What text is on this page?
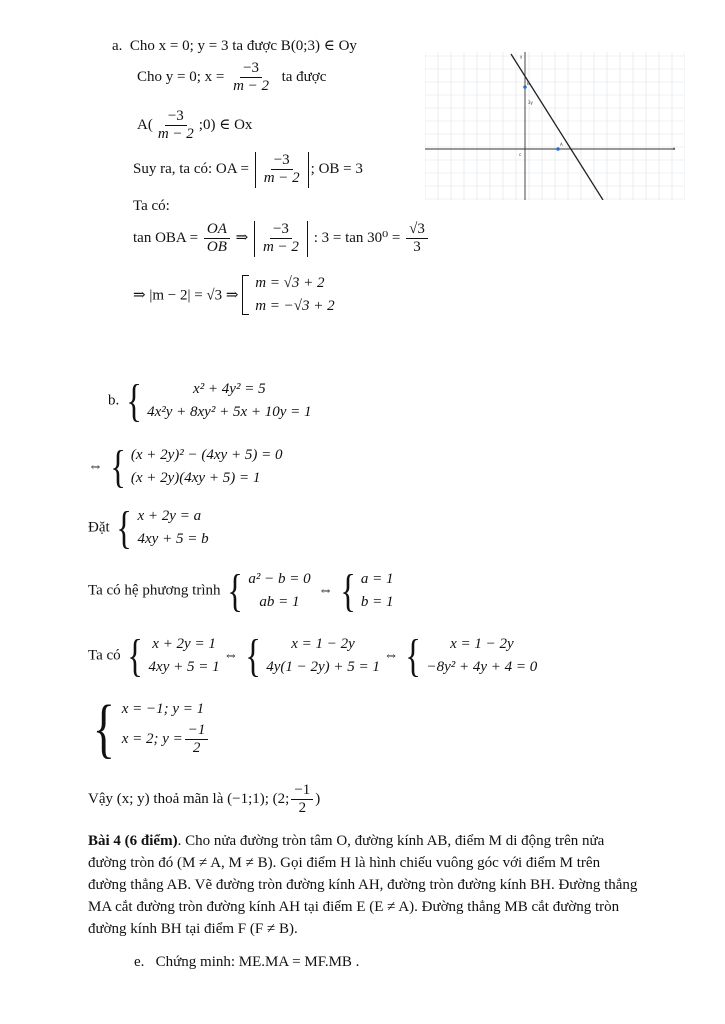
a. Cho x = 0; y = 3 ta được B(0;3) ∈ Oy
Cho y = 0; $x = \frac{-3}{m - 2}$ ta được
$A( \frac{-3}{m - 2}$ ;0) ∈ Ox
Suy ra, ta có: OA = $\frac{-3}{m - 2}$ ; OB = 3
Ta có:
tan OBA = $\frac{OA}{OB}$ ⇒ $\frac{-3}{m - 2}$ : $3 = \tan 30^0 = \frac{√3}{3}$
⇒ |m − 2| = √3 ⇒
m = √3 + 2
m = −√3 + 2
y
x
B
A
3y
c
b. {	x² + 4y² = 5
4x²y + 8xy² + 5x + 10y = 1
⇔ { (x + 2y)² − (4xy + 5) = 0
(x + 2y)(4xy + 5) = 1
Đặt { x + 2y = a
4xy + 5 = b
Ta có hệ phương trình { a² − b = 0
ab = 1
⇔ { a = 1
b = 1
Ta có { x + 2y = 1
4xy + 5 = 1
⇔ { x = 1 − 2y
4y(1 − 2y) + 5 = 1
⇔ { x = 1 − 2y
−8y² + 4y + 4 = 0
{ x = −1; y = 1
x = 2; $y = \frac{-1}{2}$
Vậy (x; y) thoả mãn là (−1;1); (2; $\frac{-1}{2}$ )
Bài 4 (6 điểm). Cho nửa đường tròn tâm O, đường kính AB, điểm M di động trên nửa
đường tròn đó (M ≠ A, M ≠ B). Gọi điểm H là hình chiếu vuông góc với điểm M trên
đường thẳng AB. Vẽ đường tròn đường kính AH, đường tròn đường kính BH. Đường thẳng
MA cắt đường tròn đường kính AH tại điểm E (E ≠ A). Đường thẳng MB cắt đường tròn
đường kính BH tại điểm F (F ≠ B).
e. Chứng minh: ME.MA = MF.MB .
